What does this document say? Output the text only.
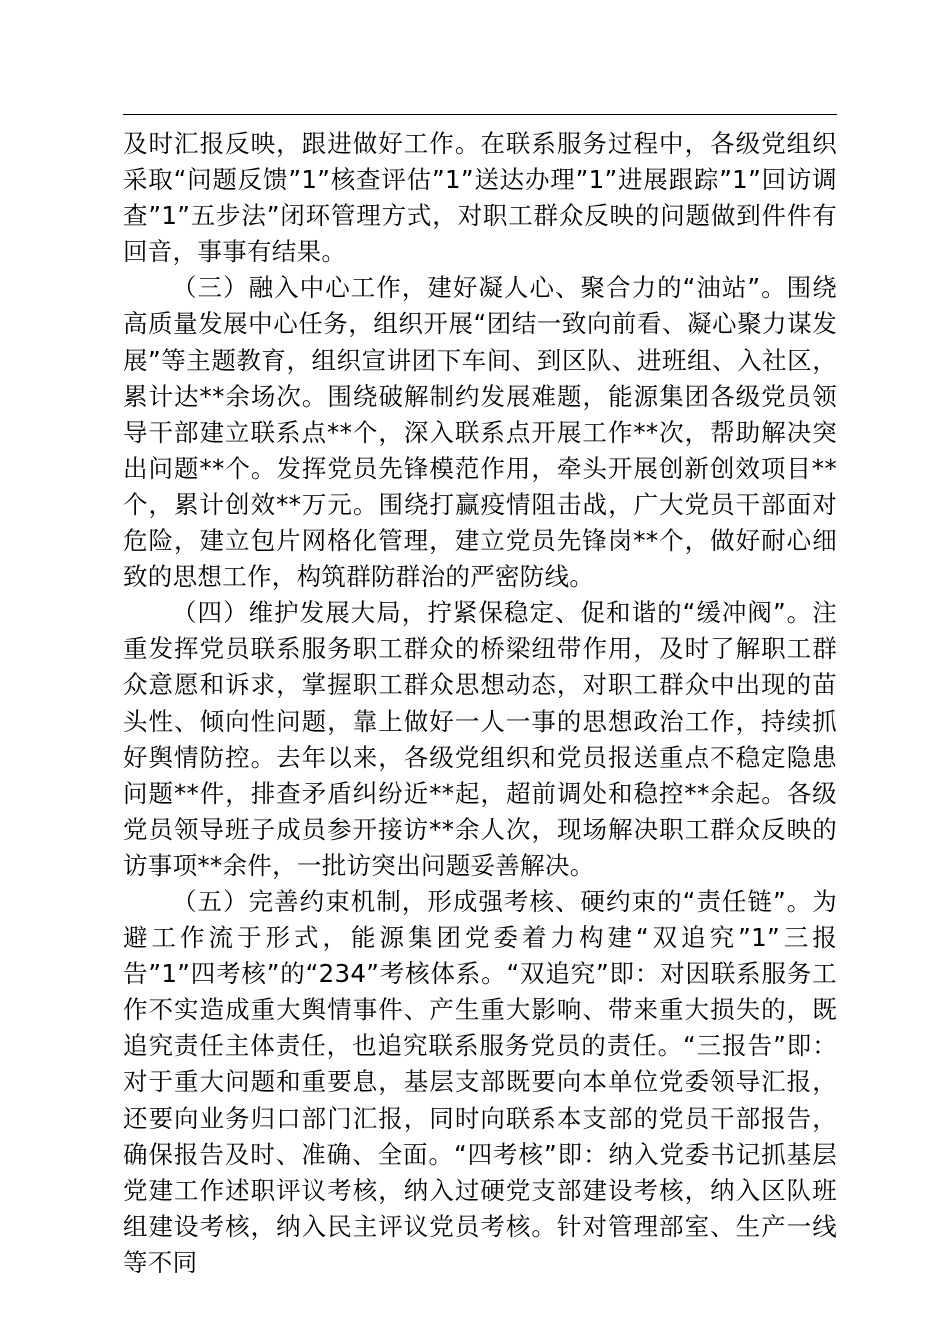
及时汇报反映，跟进做好工作。在联系服务过程中，各级党组织采取“问题反馈”1”核查评估”1”送达办理”1”进展跟踪”1”回访调查”1”五步法”闭环管理方式，对职工群众反映的问题做到件件有回音，事事有结果。

（三）融入中心工作，建好凝人心、聚合力的“油站”。围绕高质量发展中心任务，组织开展“团结一致向前看、凝心聚力谋发展”等主题教育，组织宣讲团下车间、到区队、进班组、入社区，累计达**余场次。围绕破解制约发展难题，能源集团各级党员领导干部建立联系点**个，深入联系点开展工作**次，帮助解决突出问题**个。发挥党员先锋模范作用，牵头开展创新创效项目**个，累计创效**万元。围绕打赢疫情阻击战，广大党员干部面对危险，建立包片网格化管理，建立党员先锋岗**个，做好耐心细致的思想工作，构筑群防群治的严密防线。

（四）维护发展大局，拧紧保稳定、促和谐的“缓冲阀”。注重发挥党员联系服务职工群众的桥梁纽带作用，及时了解职工群众意愿和诉求，掌握职工群众思想动态，对职工群众中出现的苗头性、倾向性问题，靠上做好一人一事的思想政治工作，持续抓好舆情防控。去年以来，各级党组织和党员报送重点不稳定隐患问题**件，排查矛盾纠纷近**起，超前调处和稳控**余起。各级党员领导班子成员参开接访**余人次，现场解决职工群众反映的访事项**余件，一批访突出问题妥善解决。

（五）完善约束机制，形成强考核、硬约束的“责任链”。为避工作流于形式，能源集团党委着力构建“双追究”1”三报告”1”四考核”的“234”考核体系。“双追究”即：对因联系服务工作不实造成重大舆情事件、产生重大影响、带来重大损失的，既追究责任主体责任，也追究联系服务党员的责任。“三报告”即：对于重大问题和重要息，基层支部既要向本单位党委领导汇报，还要向业务归口部门汇报，同时向联系本支部的党员干部报告，确保报告及时、准确、全面。“四考核”即：纳入党委书记抓基层党建工作述职评议考核，纳入过硬党支部建设考核，纳入区队班组建设考核，纳入民主评议党员考核。针对管理部室、生产一线等不同
